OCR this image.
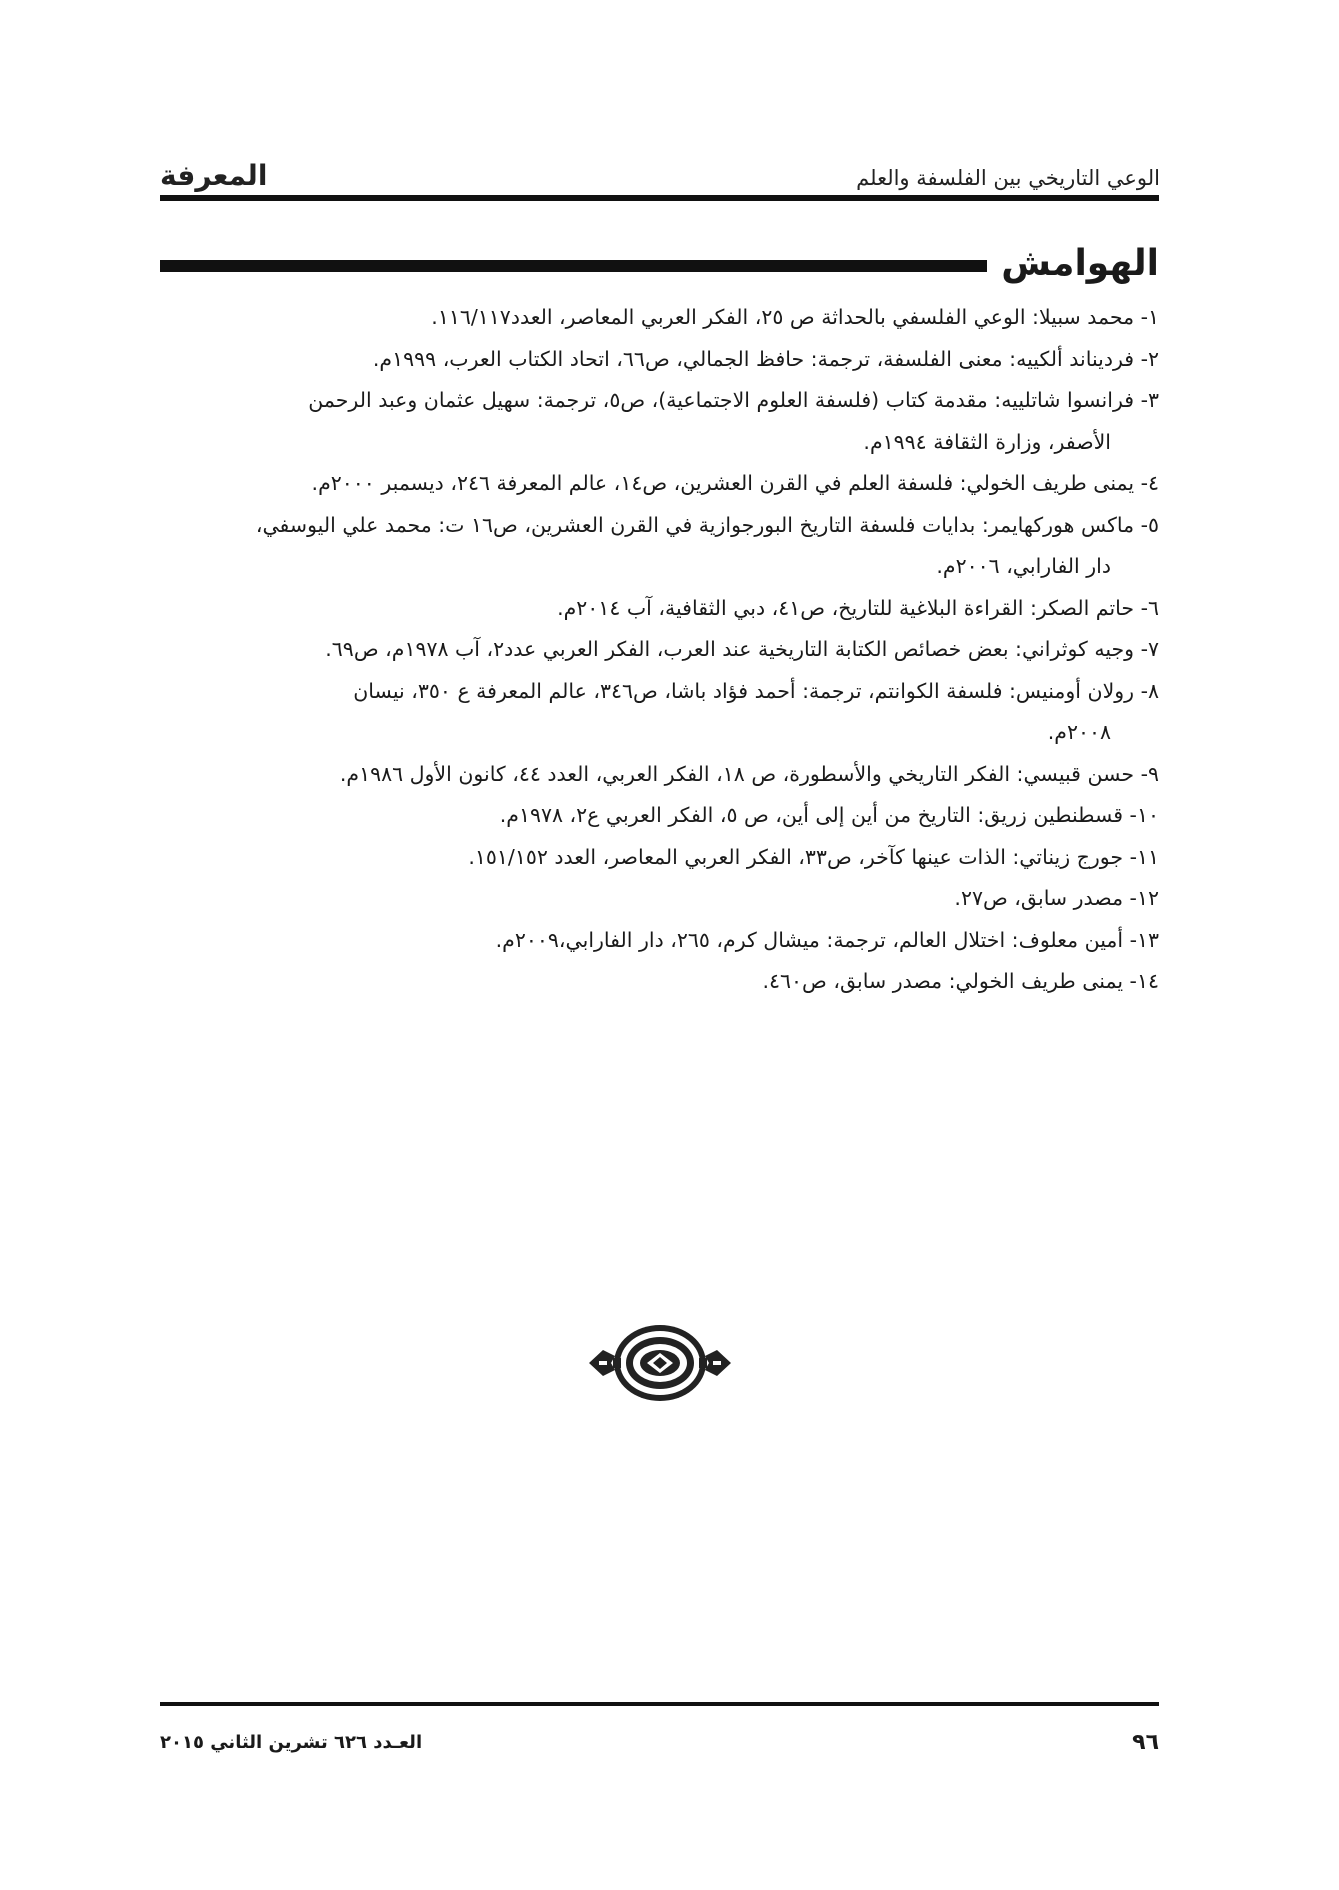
المعرفة	الوعي التاريخي بين الفلسفة والعلم
الهوامش
١- محمد سبيلا: الوعي الفلسفي بالحداثة ص ٢٥، الفكر العربي المعاصر، العدد١١٦/١١٧.
٢- فردیناند ألكييه: معنى الفلسفة، ترجمة: حافظ الجمالي، ص٦٦، اتحاد الكتاب العرب، ١٩٩٩م.
٣- فرانسوا شاتلييه: مقدمة كتاب (فلسفة العلوم الاجتماعية)، ص٥، ترجمة: سهيل عثمان وعبد الرحمن
الأصفر، وزارة الثقافة ١٩٩٤م.
٤- يمنى طريف الخولي: فلسفة العلم في القرن العشرين، ص١٤، عالم المعرفة ٢٤٦، ديسمبر ٢٠٠٠م.
٥- ماكس هوركهايمر: بدايات فلسفة التاريخ البورجوازية في القرن العشرين، ص١٦ ت: محمد علي اليوسفي،
دار الفارابي، ٢٠٠٦م.
٦- حاتم الصكر: القراءة البلاغية للتاريخ، ص٤١، دبي الثقافية، آب ٢٠١٤م.
٧- وجيه كوثراني: بعض خصائص الكتابة التاريخية عند العرب، الفكر العربي عدد٢، آب ١٩٧٨م، ص٦٩.
٨- رولان أومنيس: فلسفة الكوانتم، ترجمة: أحمد فؤاد باشا، ص٣٤٦، عالم المعرفة ع ٣٥٠، نيسان
٢٠٠٨م.
٩- حسن قبيسي: الفكر التاريخي والأسطورة، ص ١٨، الفكر العربي، العدد ٤٤، كانون الأول ١٩٨٦م.
١٠- قسطنطين زريق: التاريخ من أين إلى أين، ص ٥، الفكر العربي ع٢، ١٩٧٨م.
١١- جورج زيناتي: الذات عينها كآخر، ص٣٣، الفكر العربي المعاصر، العدد ١٥١/١٥٢.
١٢- مصدر سابق، ص٢٧.
١٣- أمين معلوف: اختلال العالم، ترجمة: ميشال كرم، ٢٦٥، دار الفارابي،٢٠٠٩م.
١٤- يمنى طريف الخولي: مصدر سابق، ص٤٦٠.
٩٦
العـدد ٦٢٦ تشرين الثاني ٢٠١٥
